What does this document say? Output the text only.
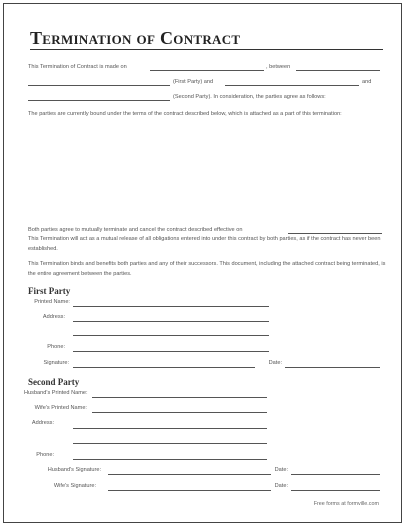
Termination of Contract
This Termination of Contract is made on	, between
(First Party) and	and
(Second Party). In consideration, the parties agree as follows:
The parties are currently bound under the terms of the contract described below, which is attached as a part of this termination:
Both parties agree to mutually terminate and cancel the contract described effective on
This Termination will act as a mutual release of all obligations entered into under this contract by both parties, as if the contract has never been established.
This Termination binds and benefits both parties and any of their successors. This document, including the attached contract being terminated, is the entire agreement between the parties.
First Party
Printed Name:
Address:
Phone:
Signature:	Date:
Second Party
Husband's Printed Name:
Wife's Printed Name:
Address:
Phone:
Husband's Signature:	Date:
Wife's Signature:	Date:
Free forms at formville.com
